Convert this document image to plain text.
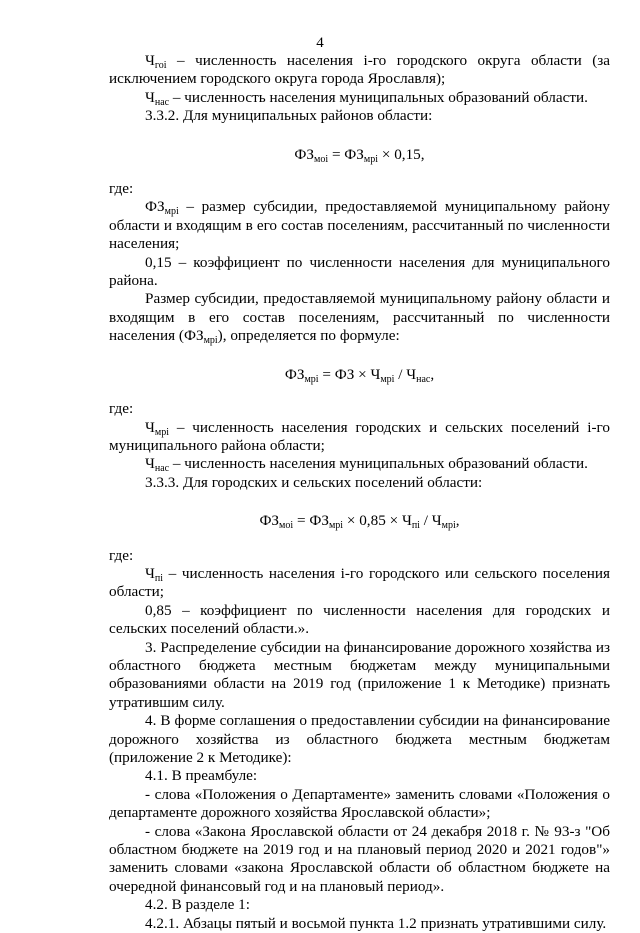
4

$Ч_{гоi}$ – численность населения i-го городского округа области (за исключением городского округа города Ярославля);

$Ч_{нас}$ – численность населения муниципальных образований области.

3.3.2. Для муниципальных районов области:

$ФЗ_{моi} = ФЗ_{мрi} \times 0,15$,

где:

$ФЗ_{мрi}$ – размер субсидии, предоставляемой муниципальному району области и входящим в его состав поселениям, рассчитанный по численности населения;

0,15 – коэффициент по численности населения для муниципального района.

Размер субсидии, предоставляемой муниципальному району области и входящим в его состав поселениям, рассчитанный по численности населения $(ФЗ_{мрi})$, определяется по формуле:

$ФЗ_{мрi}$ = ФЗ × $Ч_{мрi} / Ч_{нас}$,

где:

$Ч_{мрi}$ – численность населения городских и сельских поселений i-го муниципального района области;

$Ч_{нас}$ – численность населения муниципальных образований области.

3.3.3. Для городских и сельских поселений области:

$ФЗ_{моi} = ФЗ_{мрi} \times 0,85 \times Ч_{пi} / Ч_{мрi}$,

где:

$Ч_{пi}$ – численность населения i-го городского или сельского поселения области;

0,85 – коэффициент по численности населения для городских и сельских поселений области.».

3. Распределение субсидии на финансирование дорожного хозяйства из областного бюджета местным бюджетам между муниципальными образованиями области на 2019 год (приложение 1 к Методике) признать утратившим силу.

4. В форме соглашения о предоставлении субсидии на финансирование дорожного хозяйства из областного бюджета местным бюджетам (приложение 2 к Методике):

4.1. В преамбуле:

- слова «Положения о Департаменте» заменить словами «Положения о департаменте дорожного хозяйства Ярославской области»;

- слова «Закона Ярославской области от 24 декабря 2018 г. № 93-з "Об областном бюджете на 2019 год и на плановый период 2020 и 2021 годов"» заменить словами «закона Ярославской области об областном бюджете на очередной финансовый год и на плановый период».

4.2. В разделе 1:

4.2.1. Абзацы пятый и восьмой пункта 1.2 признать утратившими силу.
